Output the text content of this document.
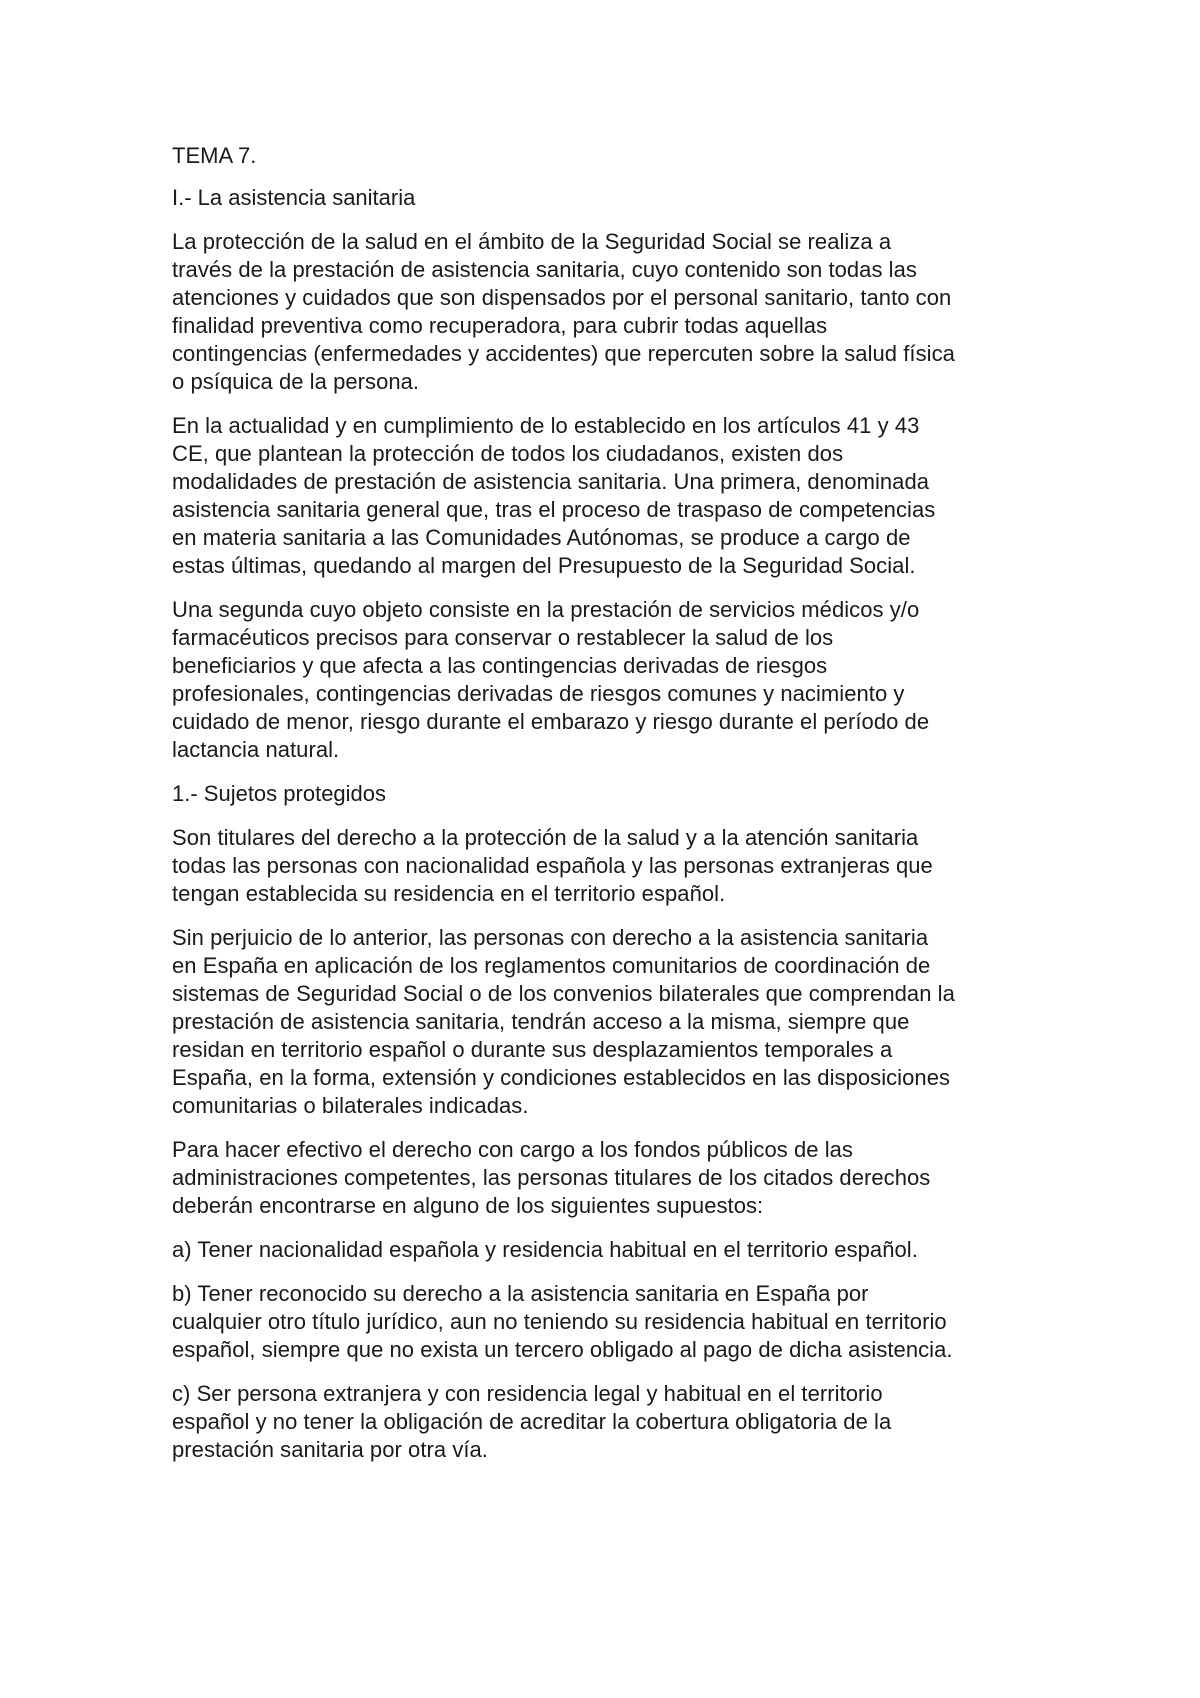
TEMA 7.

I.- La asistencia sanitaria

La protección de la salud en el ámbito de la Seguridad Social se realiza a
través de la prestación de asistencia sanitaria, cuyo contenido son todas las
atenciones y cuidados que son dispensados por el personal sanitario, tanto con
finalidad preventiva como recuperadora, para cubrir todas aquellas
contingencias (enfermedades y accidentes) que repercuten sobre la salud física
o psíquica de la persona.

En la actualidad y en cumplimiento de lo establecido en los artículos 41 y 43
CE, que plantean la protección de todos los ciudadanos, existen dos
modalidades de prestación de asistencia sanitaria. Una primera, denominada
asistencia sanitaria general que, tras el proceso de traspaso de competencias
en materia sanitaria a las Comunidades Autónomas, se produce a cargo de
estas últimas, quedando al margen del Presupuesto de la Seguridad Social.

Una segunda cuyo objeto consiste en la prestación de servicios médicos y/o
farmacéuticos precisos para conservar o restablecer la salud de los
beneficiarios y que afecta a las contingencias derivadas de riesgos
profesionales, contingencias derivadas de riesgos comunes y nacimiento y
cuidado de menor, riesgo durante el embarazo y riesgo durante el período de
lactancia natural.

1.- Sujetos protegidos

Son titulares del derecho a la protección de la salud y a la atención sanitaria
todas las personas con nacionalidad española y las personas extranjeras que
tengan establecida su residencia en el territorio español.

Sin perjuicio de lo anterior, las personas con derecho a la asistencia sanitaria
en España en aplicación de los reglamentos comunitarios de coordinación de
sistemas de Seguridad Social o de los convenios bilaterales que comprendan la
prestación de asistencia sanitaria, tendrán acceso a la misma, siempre que
residan en territorio español o durante sus desplazamientos temporales a
España, en la forma, extensión y condiciones establecidos en las disposiciones
comunitarias o bilaterales indicadas.

Para hacer efectivo el derecho con cargo a los fondos públicos de las
administraciones competentes, las personas titulares de los citados derechos
deberán encontrarse en alguno de los siguientes supuestos:

a) Tener nacionalidad española y residencia habitual en el territorio español.

b) Tener reconocido su derecho a la asistencia sanitaria en España por
cualquier otro título jurídico, aun no teniendo su residencia habitual en territorio
español, siempre que no exista un tercero obligado al pago de dicha asistencia.

c) Ser persona extranjera y con residencia legal y habitual en el territorio
español y no tener la obligación de acreditar la cobertura obligatoria de la
prestación sanitaria por otra vía.
